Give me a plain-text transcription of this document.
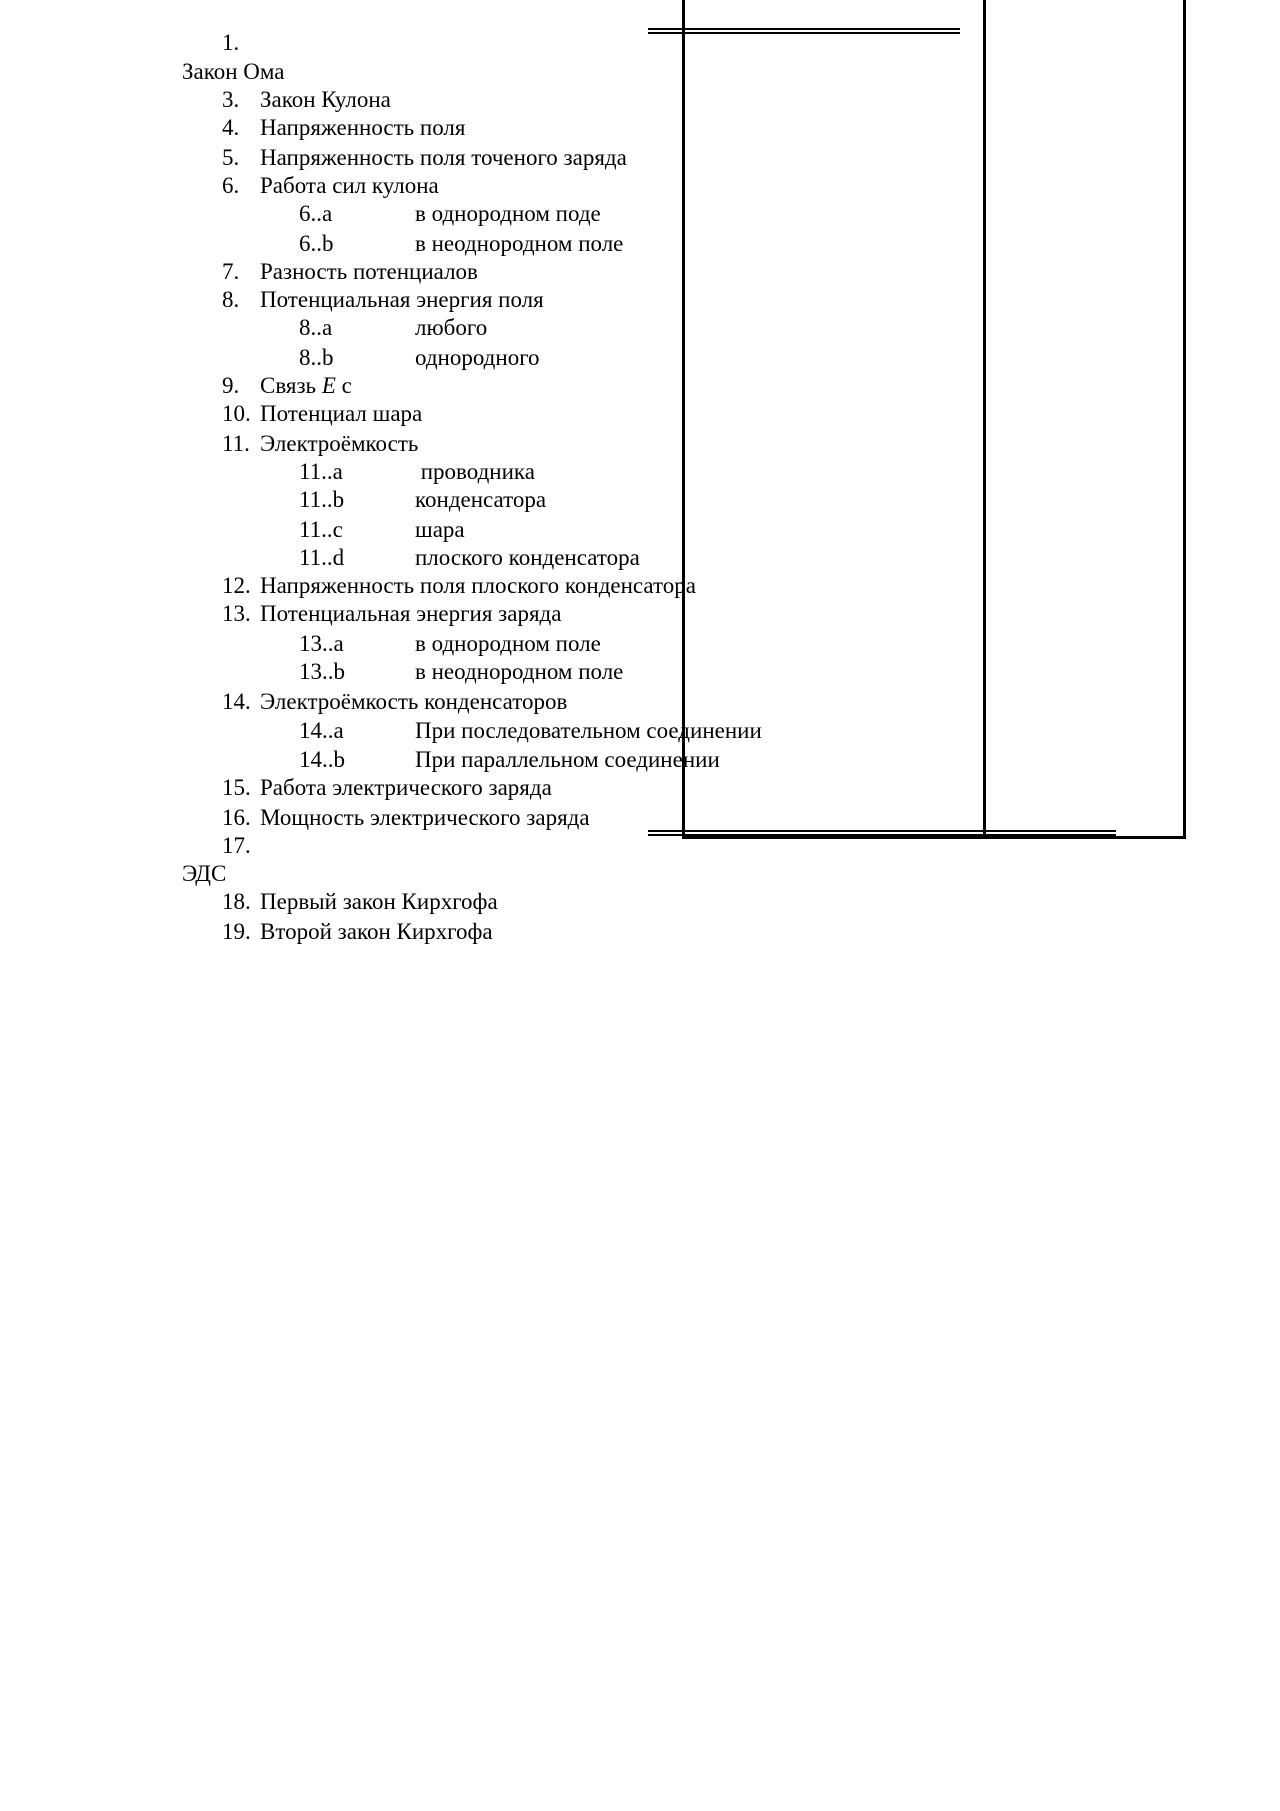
1.
Закон Ома
3. Закон Кулона
4. Напряженность поля
5. Напряженность поля точеного заряда
6. Работа сил кулона
6..a	в однородном поде
6..b	в неоднородном поле
7. Разность потенциалов
8. Потенциальная энергия поля
8..a	любого
8..b	однородного
9. Связь E с
10. Потенциал шара
11. Электроёмкость
11..a	проводника
11..b	конденсатора
11..c	шара
11..d	плоского конденсатора
12. Напряженность поля плоского конденсатора
13. Потенциальная энергия заряда
13..a	в однородном поле
13..b	в неоднородном поле
14. Электроёмкость конденсаторов
14..a	При последовательном соединении
14..b	При параллельном соединении
15. Работа электрического заряда
16. Мощность электрического заряда
17.
ЭДС
18. Первый закон Кирхгофа
19. Второй закон Кирхгофа
